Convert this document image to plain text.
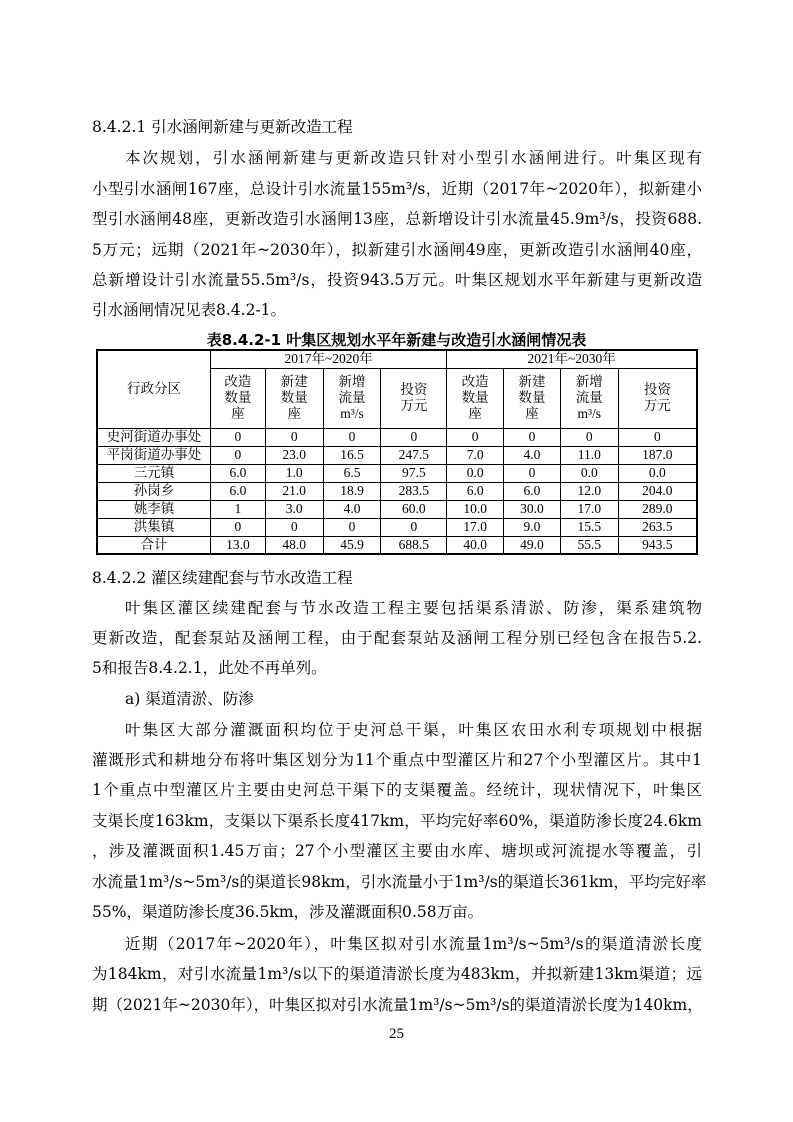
8.4.2.1 引水涵闸新建与更新改造工程
本次规划，引水涵闸新建与更新改造只针对小型引水涵闸进行。叶集区现有
小型引水涵闸167座，总设计引水流量155m³/s，近期（2017年~2020年），拟新建小
型引水涵闸48座，更新改造引水涵闸13座，总新增设计引水流量45.9m³/s，投资688.
5万元；远期（2021年~2030年），拟新建引水涵闸49座，更新改造引水涵闸40座，
总新增设计引水流量55.5m³/s，投资943.5万元。叶集区规划水平年新建与更新改造
引水涵闸情况见表8.4.2-1。
表8.4.2-1 叶集区规划水平年新建与改造引水涵闸情况表
行政分区	2017年~2020年				2021年~2030年			
	改造
数量
座	新建
数量
座	新增
流量
m³/s	投资
万元	改造
数量
座	新建
数量
座	新增
流量
m³/s	投资
万元
史河街道办事处	0	0	0	0	0	0	0	0
平岗街道办事处	0	23.0	16.5	247.5	7.0	4.0	11.0	187.0
三元镇	6.0	1.0	6.5	97.5	0.0	0	0.0	0.0
孙岗乡	6.0	21.0	18.9	283.5	6.0	6.0	12.0	204.0
姚李镇	1	3.0	4.0	60.0	10.0	30.0	17.0	289.0
洪集镇	0	0	0	0	17.0	9.0	15.5	263.5
合计	13.0	48.0	45.9	688.5	40.0	49.0	55.5	943.5
8.4.2.2 灌区续建配套与节水改造工程
叶集区灌区续建配套与节水改造工程主要包括渠系清淤、防渗，渠系建筑物
更新改造，配套泵站及涵闸工程，由于配套泵站及涵闸工程分别已经包含在报告5.2.
5和报告8.4.2.1，此处不再单列。
a) 渠道清淤、防渗
叶集区大部分灌溉面积均位于史河总干渠，叶集区农田水利专项规划中根据
灌溉形式和耕地分布将叶集区划分为11个重点中型灌区片和27个小型灌区片。其中1
1个重点中型灌区片主要由史河总干渠下的支渠覆盖。经统计，现状情况下，叶集区
支渠长度163km，支渠以下渠系长度417km，平均完好率60%，渠道防渗长度24.6km
，涉及灌溉面积1.45万亩；27个小型灌区主要由水库、塘坝或河流提水等覆盖，引
水流量1m³/s~5m³/s的渠道长98km，引水流量小于1m³/s的渠道长361km，平均完好率
55%，渠道防渗长度36.5km，涉及灌溉面积0.58万亩。
近期（2017年~2020年），叶集区拟对引水流量1m³/s~5m³/s的渠道清淤长度
为184km，对引水流量1m³/s以下的渠道清淤长度为483km，并拟新建13km渠道；远
期（2021年~2030年），叶集区拟对引水流量1m³/s~5m³/s的渠道清淤长度为140km，
25
